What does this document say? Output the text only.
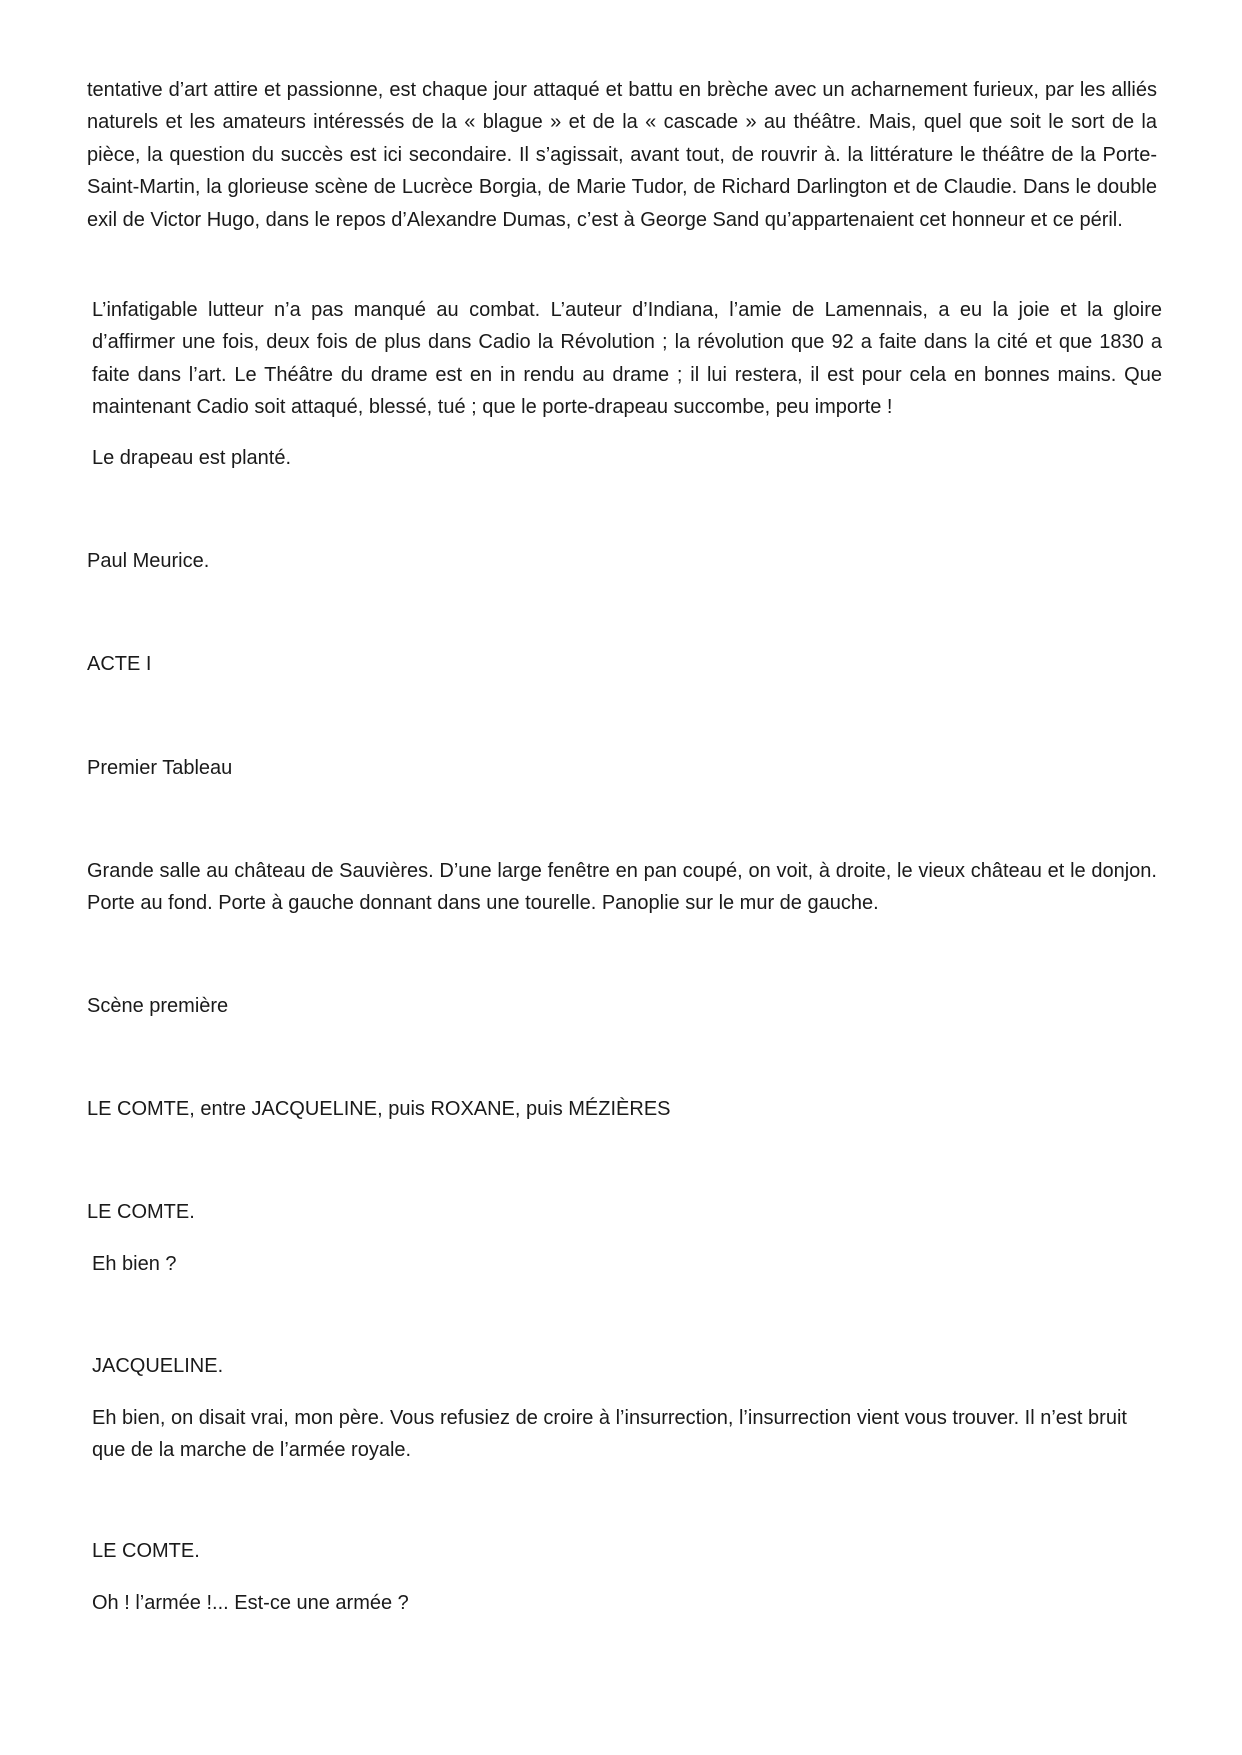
tentative d’art attire et passionne, est chaque jour attaqué et battu en brèche avec un acharnement furieux, par les alliés naturels et les amateurs intéressés de la « blague » et de la « cascade » au théâtre. Mais, quel que soit le sort de la pièce, la question du succès est ici secondaire. Il s’agissait, avant tout, de rouvrir à. la littérature le théâtre de la Porte-Saint-Martin, la glorieuse scène de Lucrèce Borgia, de Marie Tudor, de Richard Darlington et de Claudie. Dans le double exil de Victor Hugo, dans le repos d’Alexandre Dumas, c’est à George Sand qu’appartenaient cet honneur et ce péril.

L’infatigable lutteur n’a pas manqué au combat. L’auteur d’Indiana, l’amie de Lamennais, a eu la joie et la gloire d’affirmer une fois, deux fois de plus dans Cadio la Révolution ; la révolution que 92 a faite dans la cité et que 1830 a faite dans l’art. Le Théâtre du drame est en in rendu au drame ; il lui restera, il est pour cela en bonnes mains. Que maintenant Cadio soit attaqué, blessé, tué ; que le porte-drapeau succombe, peu importe !

Le drapeau est planté.

Paul Meurice.

ACTE I

Premier Tableau

Grande salle au château de Sauvières. D’une large fenêtre en pan coupé, on voit, à droite, le vieux château et le donjon. Porte au fond. Porte à gauche donnant dans une tourelle. Panoplie sur le mur de gauche.

Scène première

LE COMTE, entre JACQUELINE, puis ROXANE, puis MÉZIÈRES

LE COMTE.

Eh bien ?

JACQUELINE.

Eh bien, on disait vrai, mon père. Vous refusiez de croire à l’insurrection, l’insurrection vient vous trouver. Il n’est bruit que de la marche de l’armée royale.

LE COMTE.

Oh ! l’armée !... Est-ce une armée ?
